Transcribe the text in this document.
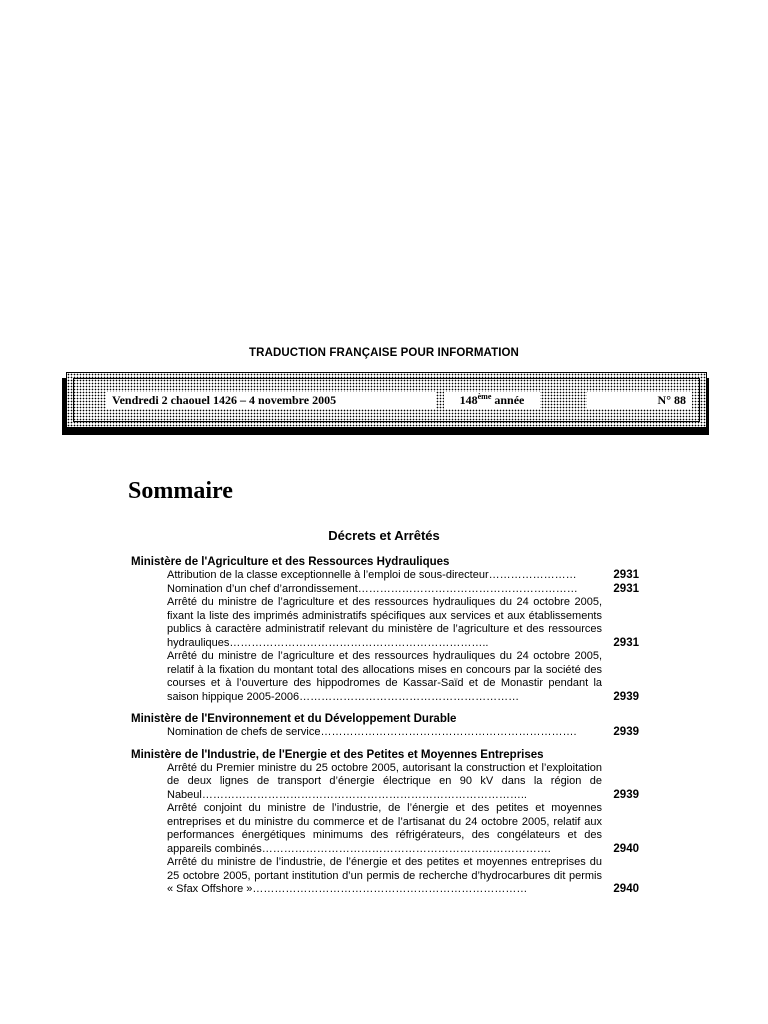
TRADUCTION FRANÇAISE POUR INFORMATION
Vendredi 2 chaouel 1426 – 4 novembre 2005	148ème année	N° 88
Sommaire
Décrets et Arrêtés
Ministère de l'Agriculture et des Ressources Hydrauliques

Attribution de la classe exceptionnelle à l’emploi de sous-directeur……………………	2931

Nomination d’un chef d’arrondissement……………………………………………………	2931

Arrêté du ministre de l’agriculture et des ressources hydrauliques du 24 octobre 2005, fixant la liste des imprimés administratifs spécifiques aux services et aux établissements publics à caractère administratif relevant du ministère de l’agriculture et des ressources hydrauliques……………………………………………………………..	2931

Arrêté du ministre de l’agriculture et des ressources hydrauliques du 24 octobre 2005, relatif à la fixation du montant total des allocations mises en concours par la société des courses et à l’ouverture des hippodromes de Kassar-Saïd et de Monastir pendant la saison hippique 2005-2006……………………………………………………	2939
Ministère de l'Environnement et du Développement Durable

Nomination de chefs de service…………………………………………………………….	2939
Ministère de l'Industrie, de l'Energie et des Petites et Moyennes Entreprises

Arrêté du Premier ministre du 25 octobre 2005, autorisant la construction et l’exploitation de deux lignes de transport d’énergie électrique en 90 kV dans la région de Nabeul……………………………………………………………………………..	2939

Arrêté conjoint du ministre de l’industrie, de l’énergie et des petites et moyennes entreprises et du ministre du commerce et de l’artisanat du 24 octobre 2005, relatif aux performances énergétiques minimums des réfrigérateurs, des congélateurs et des appareils combinés…………………………………………………………………….	2940

Arrêté du ministre de l’industrie, de l’énergie et des petites et moyennes entreprises du 25 octobre 2005, portant institution d’un permis de recherche d’hydrocarbures dit permis « Sfax Offshore »…………………………………………………………………	2940
